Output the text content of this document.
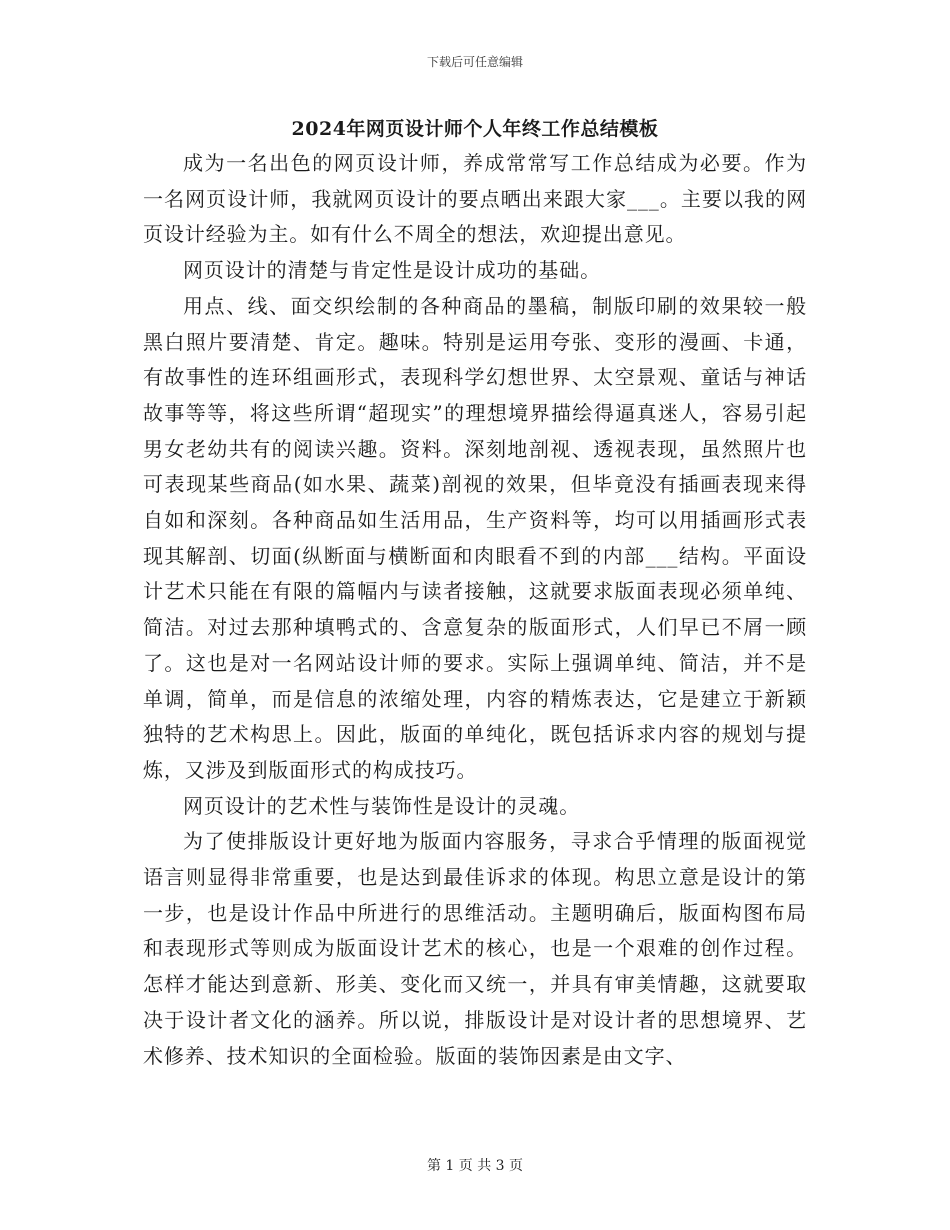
下载后可任意编辑
2024年网页设计师个人年终工作总结模板

成为一名出色的网页设计师，养成常常写工作总结成为必要。作为一名网页设计师，我就网页设计的要点晒出来跟大家___。主要以我的网页设计经验为主。如有什么不周全的想法，欢迎提出意见。

网页设计的清楚与肯定性是设计成功的基础。

用点、线、面交织绘制的各种商品的墨稿，制版印刷的效果较一般黑白照片要清楚、肯定。趣味。特别是运用夸张、变形的漫画、卡通，有故事性的连环组画形式，表现科学幻想世界、太空景观、童话与神话故事等等，将这些所谓“超现实”的理想境界描绘得逼真迷人，容易引起男女老幼共有的阅读兴趣。资料。深刻地剖视、透视表现，虽然照片也可表现某些商品(如水果、蔬菜)剖视的效果，但毕竟没有插画表现来得自如和深刻。各种商品如生活用品，生产资料等，均可以用插画形式表现其解剖、切面(纵断面与横断面和肉眼看不到的内部___结构。平面设计艺术只能在有限的篇幅内与读者接触，这就要求版面表现必须单纯、简洁。对过去那种填鸭式的、含意复杂的版面形式，人们早已不屑一顾了。这也是对一名网站设计师的要求。实际上强调单纯、简洁，并不是单调，简单，而是信息的浓缩处理，内容的精炼表达，它是建立于新颖独特的艺术构思上。因此，版面的单纯化，既包括诉求内容的规划与提炼，又涉及到版面形式的构成技巧。

网页设计的艺术性与装饰性是设计的灵魂。

为了使排版设计更好地为版面内容服务，寻求合乎情理的版面视觉语言则显得非常重要，也是达到最佳诉求的体现。构思立意是设计的第一步，也是设计作品中所进行的思维活动。主题明确后，版面构图布局和表现形式等则成为版面设计艺术的核心，也是一个艰难的创作过程。怎样才能达到意新、形美、变化而又统一，并具有审美情趣，这就要取决于设计者文化的涵养。所以说，排版设计是对设计者的思想境界、艺术修养、技术知识的全面检验。版面的装饰因素是由文字、

第 1 页 共 3 页
